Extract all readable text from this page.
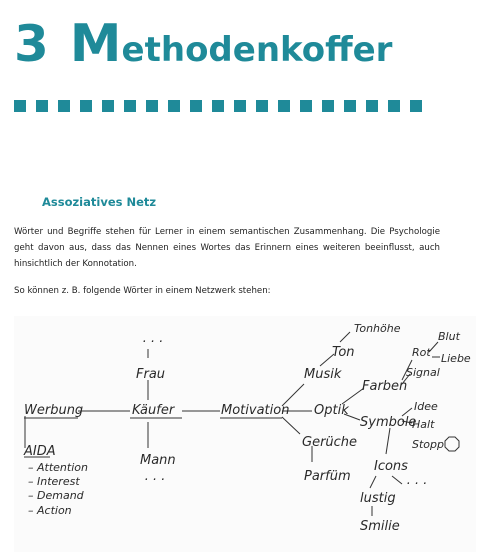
3 Methodenkoffer
Assoziatives Netz
Wörter und Begriffe stehen für Lerner in einem semantischen Zusammenhang. Die Psychologie geht davon aus, dass das Nennen eines Wortes das Erinnern eines weiteren beeinflusst, auch hinsichtlich der Konnotation.
So können z. B. folgende Wörter in einem Netzwerk stehen:
Werbung
AIDA
– Attention
– Interest
– Demand
– Action
· · ·
Frau
Käufer
Mann
· · ·
Motivation
Tonhöhe
Ton
Musik
Optik
Gerüche
Parfüm
Farben
Rot
Blut
Liebe
Signal
Symbole
Idee
Halt
Stopp
Icons
· · ·
lustig
Smilie
